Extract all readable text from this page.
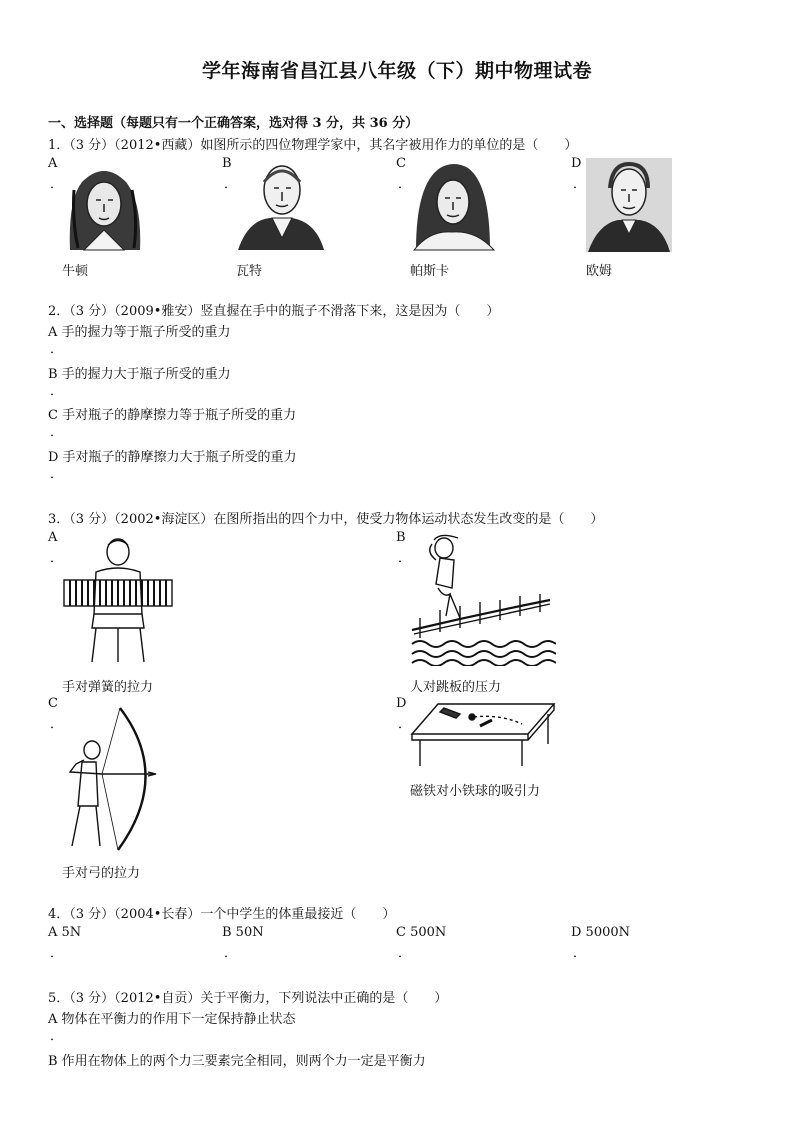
学年海南省昌江县八年级（下）期中物理试卷
一、选择题（每题只有一个正确答案，选对得 3 分，共 36 分）
1．（3 分）（2012•西藏）如图所示的四位物理学家中，其名字被用作力的单位的是（　　）
A
．
牛顿
B
．
瓦特
C
．
帕斯卡
D
．
欧姆
2．（3 分）（2009•雅安）竖直握在手中的瓶子不滑落下来，这是因为（　　）
A 手的握力等于瓶子所受的重力
．
B 手的握力大于瓶子所受的重力
．
C 手对瓶子的静摩擦力等于瓶子所受的重力
．
D 手对瓶子的静摩擦力大于瓶子所受的重力
．
3．（3 分）（2002•海淀区）在图所指出的四个力中，使受力物体运动状态发生改变的是（　　）
A
．
手对弹簧的拉力
B
．
人对跳板的压力
C
．
手对弓的拉力
D
．
磁铁对小铁球的吸引力
4．（3 分）（2004•长春）一个中学生的体重最接近（　　）
A 5N
．
B 50N
．
C 500N
．
D 5000N
．
5．（3 分）（2012•自贡）关于平衡力，下列说法中正确的是（　　）
A 物体在平衡力的作用下一定保持静止状态
．
B 作用在物体上的两个力三要素完全相同，则两个力一定是平衡力
